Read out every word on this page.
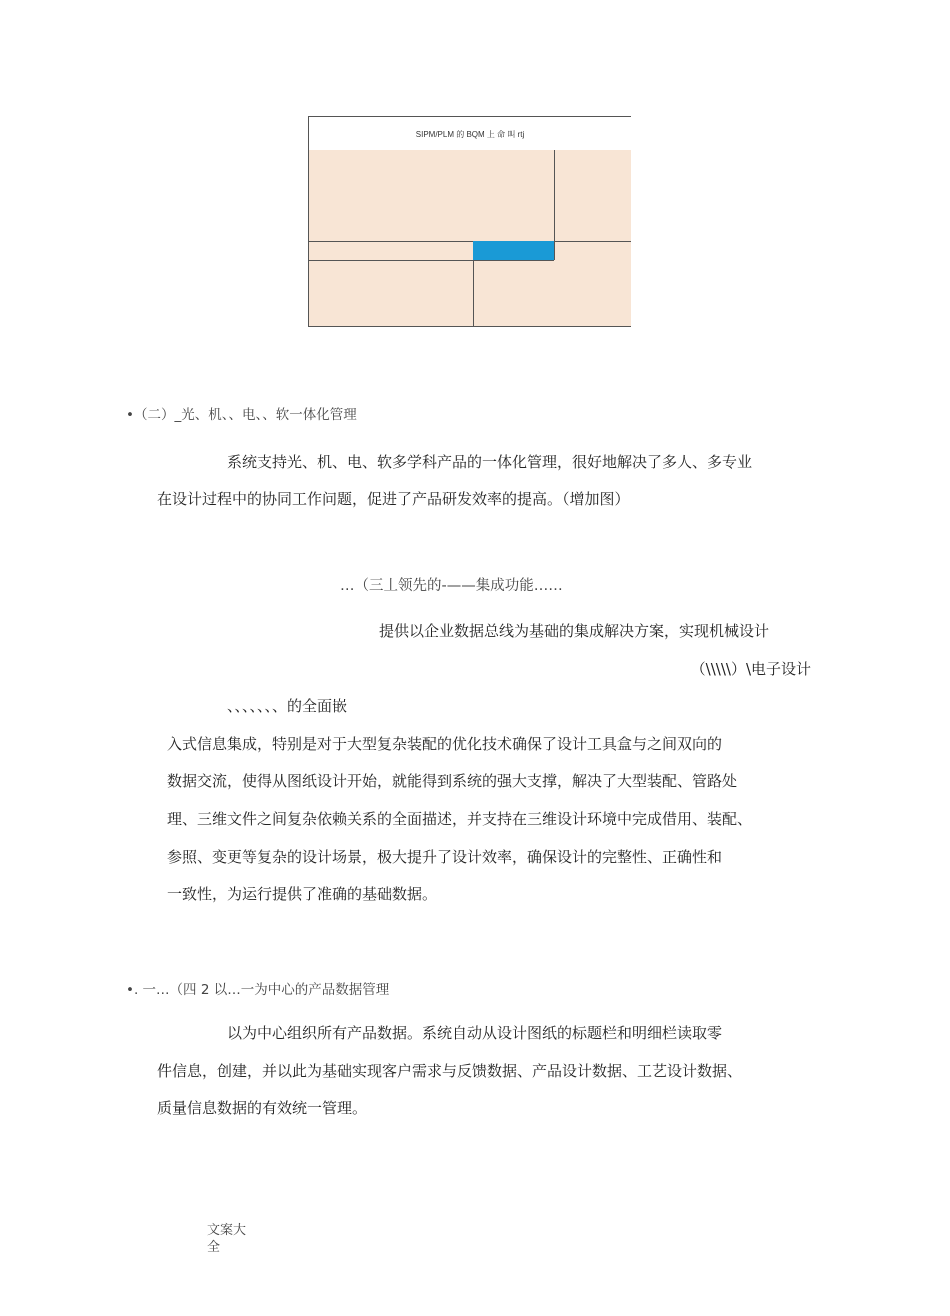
SIPM/PLM 的 BQM 上 命 叫 rtj
•（二）_光、机、、电、、软一体化管理
系统支持光、机、电、软多学科产品的一体化管理，很好地解决了多人、多专业
在设计过程中的协同工作问题，促进了产品研发效率的提高。（增加图）
…（三丄领先的-——集成功能……
提供以企业数据总线为基础的集成解决方案，实现机械设计
（\\\\\）\电子设计
、、、、、、、的全面嵌
入式信息集成，特别是对于大型复杂装配的优化技术确保了设计工具盒与之间双向的
数据交流，使得从图纸设计开始，就能得到系统的强大支撑，解决了大型装配、管路处
理、三维文件之间复杂依赖关系的全面描述，并支持在三维设计环境中完成借用、装配、
参照、变更等复杂的设计场景，极大提升了设计效率，确保设计的完整性、正确性和
一致性，为运行提供了准确的基础数据。
•. 一…（四 2 以…一为中心的产品数据管理
以为中心组织所有产品数据。系统自动从设计图纸的标题栏和明细栏读取零
件信息，创建，并以此为基础实现客户需求与反馈数据、产品设计数据、工艺设计数据、
质量信息数据的有效统一管理。
文案大全
